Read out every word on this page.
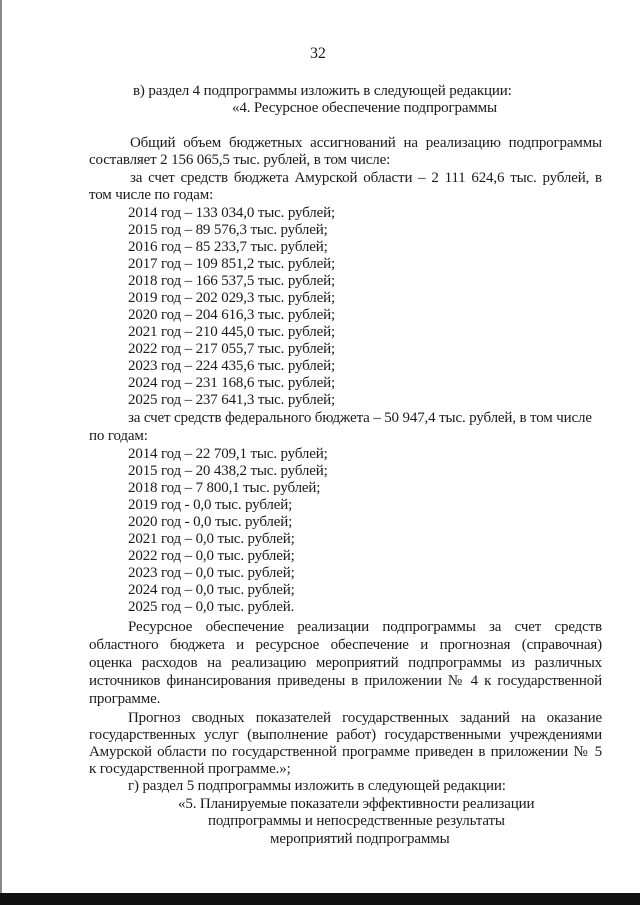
32
в) раздел 4 подпрограммы изложить в следующей редакции:
«4. Ресурсное обеспечение подпрограммы
Общий объем бюджетных ассигнований на реализацию подпрограммы
составляет 2 156 065,5 тыс. рублей, в том числе:
за счет средств бюджета Амурской области – 2 111 624,6 тыс. рублей, в
том числе по годам:
2014 год – 133 034,0 тыс. рублей;
2015 год – 89 576,3 тыс. рублей;
2016 год – 85 233,7 тыс. рублей;
2017 год – 109 851,2 тыс. рублей;
2018 год – 166 537,5 тыс. рублей;
2019 год – 202 029,3 тыс. рублей;
2020 год – 204 616,3 тыс. рублей;
2021 год – 210 445,0 тыс. рублей;
2022 год – 217 055,7 тыс. рублей;
2023 год – 224 435,6 тыс. рублей;
2024 год – 231 168,6 тыс. рублей;
2025 год – 237 641,3 тыс. рублей;
за счет средств федерального бюджета – 50 947,4 тыс. рублей, в том числе
по годам:
2014 год – 22 709,1 тыс. рублей;
2015 год – 20 438,2 тыс. рублей;
2018 год – 7 800,1 тыс. рублей;
2019 год - 0,0 тыс. рублей;
2020 год - 0,0 тыс. рублей;
2021 год – 0,0 тыс. рублей;
2022 год – 0,0 тыс. рублей;
2023 год – 0,0 тыс. рублей;
2024 год – 0,0 тыс. рублей;
2025 год – 0,0 тыс. рублей.
Ресурсное обеспечение реализации подпрограммы за счет средств
областного бюджета и ресурсное обеспечение и прогнозная (справочная)
оценка расходов на реализацию мероприятий подпрограммы из различных
источников финансирования приведены в приложении № 4 к государственной
программе.
Прогноз сводных показателей государственных заданий на оказание
государственных услуг (выполнение работ) государственными учреждениями
Амурской области по государственной программе приведен в приложении № 5
к государственной программе.»;
г) раздел 5 подпрограммы изложить в следующей редакции:
«5. Планируемые показатели эффективности реализации
подпрограммы и непосредственные результаты
мероприятий подпрограммы
